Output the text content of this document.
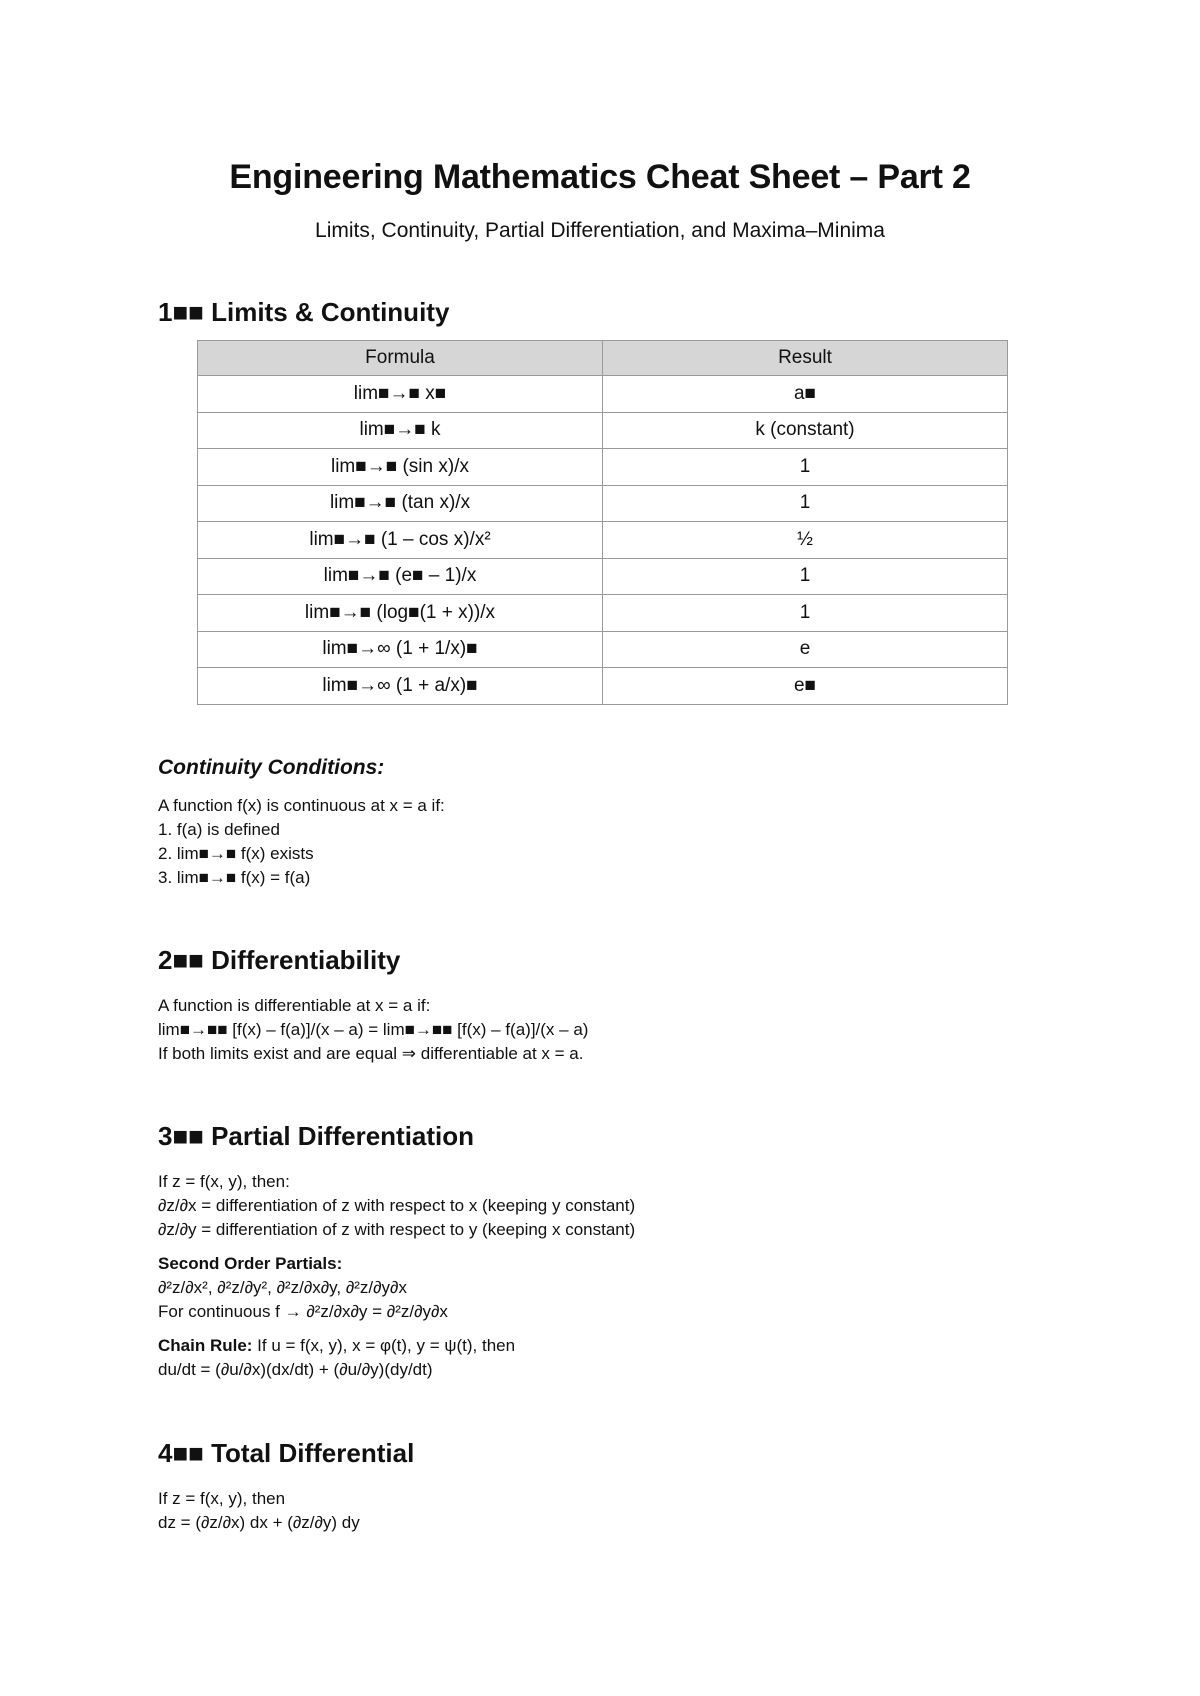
Engineering Mathematics Cheat Sheet – Part 2
Limits, Continuity, Partial Differentiation, and Maxima–Minima
1■■ Limits & Continuity
Formula	Result
lim■→■ x■	a■
lim■→■ k	k (constant)
lim■→■ (sin x)/x	1
lim■→■ (tan x)/x	1
lim■→■ (1 – cos x)/x²	½
lim■→■ (e■ – 1)/x	1
lim■→■ (log■(1 + x))/x	1
lim■→∞ (1 + 1/x)■	e
lim■→∞ (1 + a/x)■	e■
Continuity Conditions:
A function f(x) is continuous at x = a if:
1. f(a) is defined
2. lim■→■ f(x) exists
3. lim■→■ f(x) = f(a)
2■■ Differentiability
A function is differentiable at x = a if:
lim■→■■ [f(x) – f(a)]/(x – a) = lim■→■■ [f(x) – f(a)]/(x – a)
If both limits exist and are equal ⇒ differentiable at x = a.
3■■ Partial Differentiation
If z = f(x, y), then:
∂z/∂x = differentiation of z with respect to x (keeping y constant)
∂z/∂y = differentiation of z with respect to y (keeping x constant)
Second Order Partials:
∂²z/∂x², ∂²z/∂y², ∂²z/∂x∂y, ∂²z/∂y∂x
For continuous f → ∂²z/∂x∂y = ∂²z/∂y∂x
Chain Rule: If u = f(x, y), x = φ(t), y = ψ(t), then
du/dt = (∂u/∂x)(dx/dt) + (∂u/∂y)(dy/dt)
4■■ Total Differential
If z = f(x, y), then
dz = (∂z/∂x) dx + (∂z/∂y) dy
